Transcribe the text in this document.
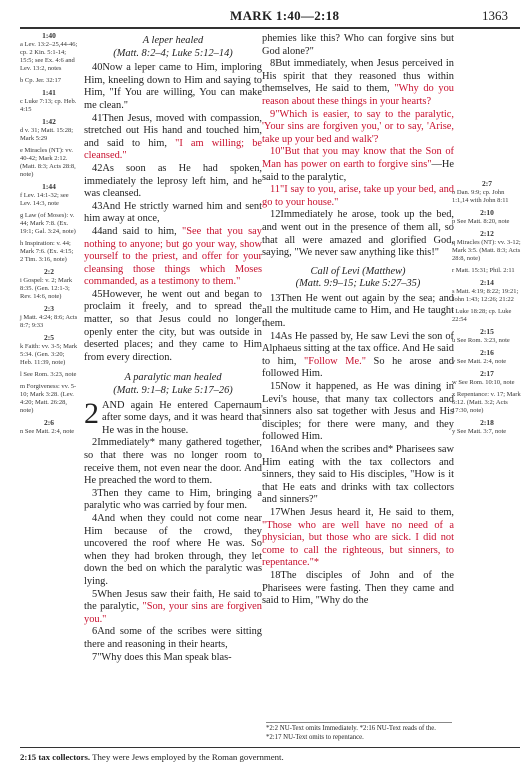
MARK 1:40—2:18	1363
1:40
a Lev. 13:2–25,44-46; cp. 2 Kin. 5:1-14; 15:5; see Ex. 4:6 and Lev. 13:2, notes
b Cp. Jer. 32:17
1:41
c Luke 7:13; cp. Heb. 4:15
1:42
d v. 31; Matt. 15:28; Mark 5:29
e Miracles (NT): vv. 40-42; Mark 2:12. (Matt. 8:3; Acts 28:8, note)
1:44
f Lev. 14:1-32; see Lev. 14:3, note
g Law (of Moses): v. 44; Mark 7:8. (Ex. 19:1; Gal. 3:24, note)
h Inspiration: v. 44; Mark 7:6. (Ex. 4:15; 2 Tim. 3:16, note)
2:2
i Gospel: v. 2; Mark 8:35. (Gen. 12:1-3; Rev. 14:6, note)
2:3
j Matt. 4:24; 8:6; Acts 8:7; 9:33
2:5
k Faith: vv. 3-5; Mark 5:34. (Gen. 3:20; Heb. 11:39, note)
l See Rom. 3:23, note
m Forgiveness: vv. 5-10; Mark 3:28. (Lev. 4:20; Matt. 26:28, note)
2:6
n See Matt. 2:4, note
2:7
o Dan. 9:9; cp. John 1:1,14 with John 8:11
2:10
p See Matt. 8:20, note
2:12
q Miracles (NT): vv. 3-12; Mark 3:5. (Matt. 8:3; Acts 28:8, note)
r Matt. 15:31; Phil. 2:11
2:14
s Matt. 4:19; 8:22; 19:21; John 1:43; 12:26; 21:22
t Luke 18:28; cp. Luke 22:54
2:15
u See Rom. 3:23, note
2:16
v See Matt. 2:4, note
2:17
w See Rom. 10:10, note
x Repentance: v. 17; Mark 6:12. (Matt. 3:2; Acts 17:30, note)
2:18
y See Matt. 3:7, note

A leper healed

(Matt. 8:2–4; Luke 5:12–14)

40Now a leper came to Him, imploring Him, kneeling down to Him and saying to Him, "If You are willing, You can make me clean."

41Then Jesus, moved with compassion, stretched out His hand and touched him, and said to him, "I am willing; be cleansed."

42As soon as He had spoken, immediately the leprosy left him, and he was cleansed.

43And He strictly warned him and sent him away at once,

44and said to him, "See that you say nothing to anyone; but go your way, show yourself to the priest, and offer for your cleansing those things which Moses commanded, as a testimony to them."

45However, he went out and began to proclaim it freely, and to spread the matter, so that Jesus could no longer openly enter the city, but was outside in deserted places; and they came to Him from every direction.

A paralytic man healed

(Matt. 9:1–8; Luke 5:17–26)

2 AND again He entered Capernaum after some days, and it was heard that He was in the house.

2Immediately* many gathered together, so that there was no longer room to receive them, not even near the door. And He preached the word to them.

3Then they came to Him, bringing a paralytic who was carried by four men.

4And when they could not come near Him because of the crowd, they uncovered the roof where He was. So when they had broken through, they let down the bed on which the paralytic was lying.

5When Jesus saw their faith, He said to the paralytic, "Son, your sins are forgiven you."

6And some of the scribes were sitting there and reasoning in their hearts,

7"Why does this Man speak blas-

phemies like this? Who can forgive sins but God alone?"

8But immediately, when Jesus perceived in His spirit that they reasoned thus within themselves, He said to them, "Why do you reason about these things in your hearts?

9"Which is easier, to say to the paralytic, 'Your sins are forgiven you,' or to say, 'Arise, take up your bed and walk'?

10"But that you may know that the Son of Man has power on earth to forgive sins"—He said to the paralytic,

11"I say to you, arise, take up your bed, and go to your house."

12Immediately he arose, took up the bed, and went out in the presence of them all, so that all were amazed and glorified God, saying, "We never saw anything like this!"

Call of Levi (Matthew)

(Matt. 9:9–15; Luke 5:27–35)

13Then He went out again by the sea; and all the multitude came to Him, and He taught them.

14As He passed by, He saw Levi the son of Alphaeus sitting at the tax office. And He said to him, "Follow Me." So he arose and followed Him.

15Now it happened, as He was dining in Levi's house, that many tax collectors and sinners also sat together with Jesus and His disciples; for there were many, and they followed Him.

16And when the scribes and* Pharisees saw Him eating with the tax collectors and sinners, they said to His disciples, "How is it that He eats and drinks with tax collectors and sinners?"

17When Jesus heard it, He said to them, "Those who are well have no need of a physician, but those who are sick. I did not come to call the righteous, but sinners, to repentance."*

18The disciples of John and of the Pharisees were fasting. Then they came and said to Him, "Why do the

*2:2 NU-Text omits Immediately. *2:16 NU-Text reads of the. *2:17 NU-Text omits to repentance.
2:15 tax collectors. They were Jews employed by the Roman government.
